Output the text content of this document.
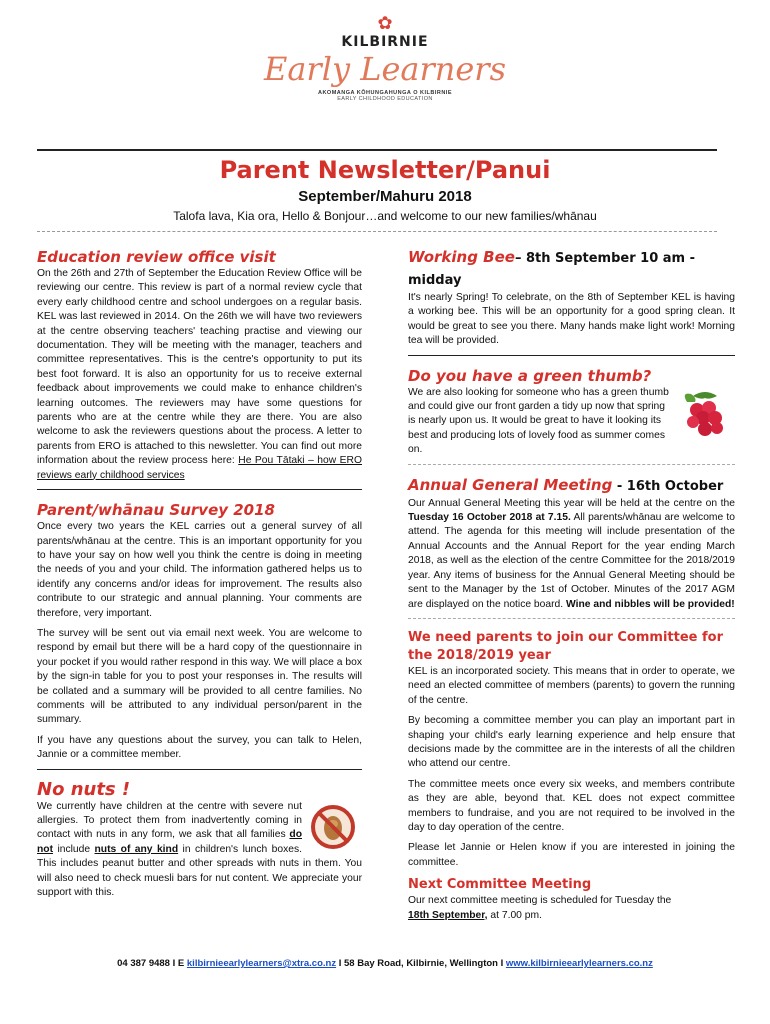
✿
KILBIRNIE
Early Learners
AKOMANGA KŌHUNGAHUNGA O KILBIRNIE
EARLY CHILDHOOD EDUCATION
Parent Newsletter/Panui
September/Mahuru 2018
Talofa lava, Kia ora, Hello & Bonjour…and welcome to our new families/whānau
Education review office visit

On the 26th and 27th of September the Education Review Office will be reviewing our centre. This review is part of a normal review cycle that every early childhood centre and school undergoes on a regular basis. KEL was last reviewed in 2014. On the 26th we will have two reviewers at the centre observing teachers' teaching practise and viewing our documentation. They will be meeting with the manager, teachers and committee representatives. This is the centre's opportunity to put its best foot forward. It is also an opportunity for us to receive external feedback about improvements we could make to enhance children's learning outcomes. The reviewers may have some questions for parents who are at the centre while they are there. You are also welcome to ask the reviewers questions about the process. A letter to parents from ERO is attached to this newsletter. You can find out more information about the review process here: He Pou Tātaki – how ERO reviews early childhood services

Parent/whānau Survey 2018

Once every two years the KEL carries out a general survey of all parents/whānau at the centre. This is an important opportunity for you to have your say on how well you think the centre is doing in meeting the needs of you and your child. The information gathered helps us to identify any concerns and/or ideas for improvement. The results also contribute to our strategic and annual planning. Your comments are therefore, very important.

The survey will be sent out via email next week. You are welcome to respond by email but there will be a hard copy of the questionnaire in your pocket if you would rather respond in this way. We will place a box by the sign-in table for you to post your responses in. The results will be collated and a summary will be provided to all centre families. No comments will be attributed to any individual person/parent in the summary.

If you have any questions about the survey, you can talk to Helen, Jannie or a committee member.

No nuts !

We currently have children at the centre with severe nut allergies. To protect them from inadvertently coming in contact with nuts in any form, we ask that all families do not include nuts of any kind in children's lunch boxes. This includes peanut butter and other spreads with nuts in them. You will also need to check muesli bars for nut content. We appreciate your support with this.

Working Bee– 8th September 10 am - midday

It's nearly Spring! To celebrate, on the 8th of September KEL is having a working bee. This will be an opportunity for a good spring clean. It would be great to see you there. Many hands make light work! Morning tea will be provided.

Do you have a green thumb?

We are also looking for someone who has a green thumb and could give our front garden a tidy up now that spring is nearly upon us. It would be great to have it looking its best and producing lots of lovely food as summer comes on.

Annual General Meeting - 16th October

Our Annual General Meeting this year will be held at the centre on the Tuesday 16 October 2018 at 7.15. All parents/whānau are welcome to attend. The agenda for this meeting will include presentation of the Annual Accounts and the Annual Report for the year ending March 2018, as well as the election of the centre Committee for the 2018/2019 year. Any items of business for the Annual General Meeting should be sent to the Manager by the 1st of October. Minutes of the 2017 AGM are displayed on the notice board. Wine and nibbles will be provided!

We need parents to join our Committee for the 2018/2019 year

KEL is an incorporated society. This means that in order to operate, we need an elected committee of members (parents) to govern the running of the centre.

By becoming a committee member you can play an important part in shaping your child's early learning experience and help ensure that decisions made by the committee are in the interests of all the children who attend our centre.

The committee meets once every six weeks, and members contribute as they are able, beyond that. KEL does not expect committee members to fundraise, and you are not required to be involved in the day to day operation of the centre.

Please let Jannie or Helen know if you are interested in joining the committee.

Next Committee Meeting

Our next committee meeting is scheduled for Tuesday the
18th September, at 7.00 pm.

04 387 9488 I E kilbirnieearlylearners@xtra.co.nz I 58 Bay Road, Kilbirnie, Wellington I www.kilbirnieearlylearners.co.nz
